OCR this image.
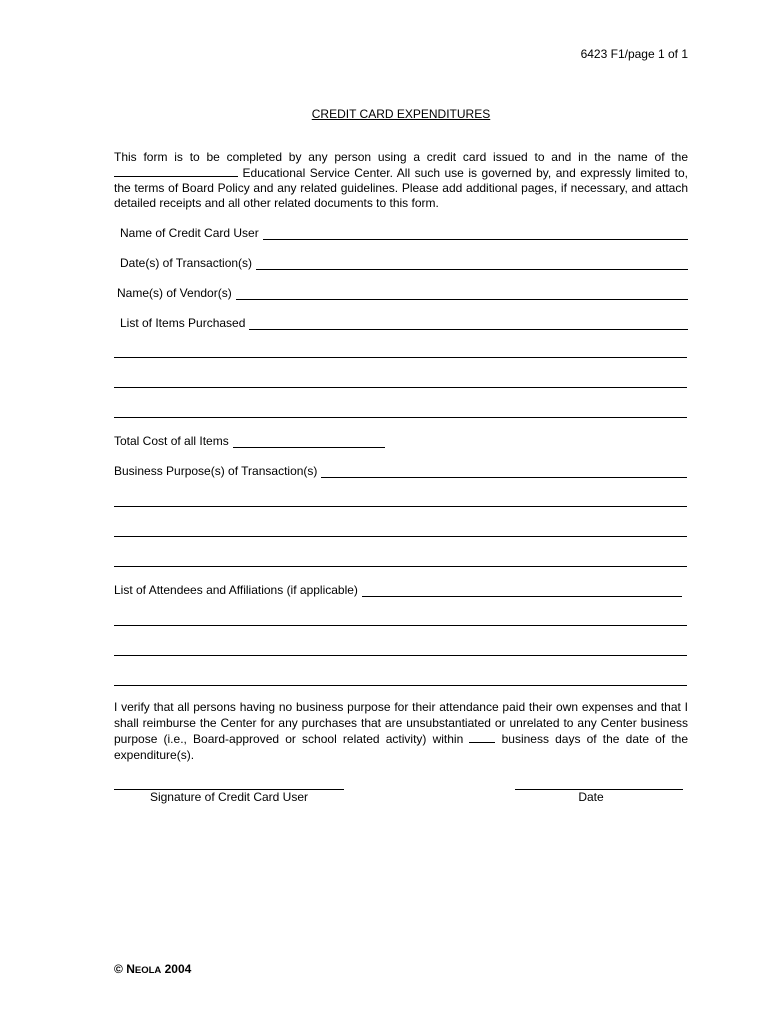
6423 F1/page 1 of 1
CREDIT CARD EXPENDITURES
This form is to be completed by any person using a credit card issued to and in the name of the  Educational Service Center. All such use is governed by, and expressly limited to, the terms of Board Policy and any related guidelines. Please add additional pages, if necessary, and attach detailed receipts and all other related documents to this form.
Name of Credit Card User
Date(s) of Transaction(s)
Name(s) of Vendor(s)
List of Items Purchased
Total Cost of all Items
Business Purpose(s) of Transaction(s)
List of Attendees and Affiliations (if applicable)
I verify that all persons having no business purpose for their attendance paid their own expenses and that I shall reimburse the Center for any purchases that are unsubstantiated or unrelated to any Center business purpose (i.e., Board-approved or school related activity) within	business days of the date of the expenditure(s).
Signature of Credit Card User	Date
© NEOLA 2004
